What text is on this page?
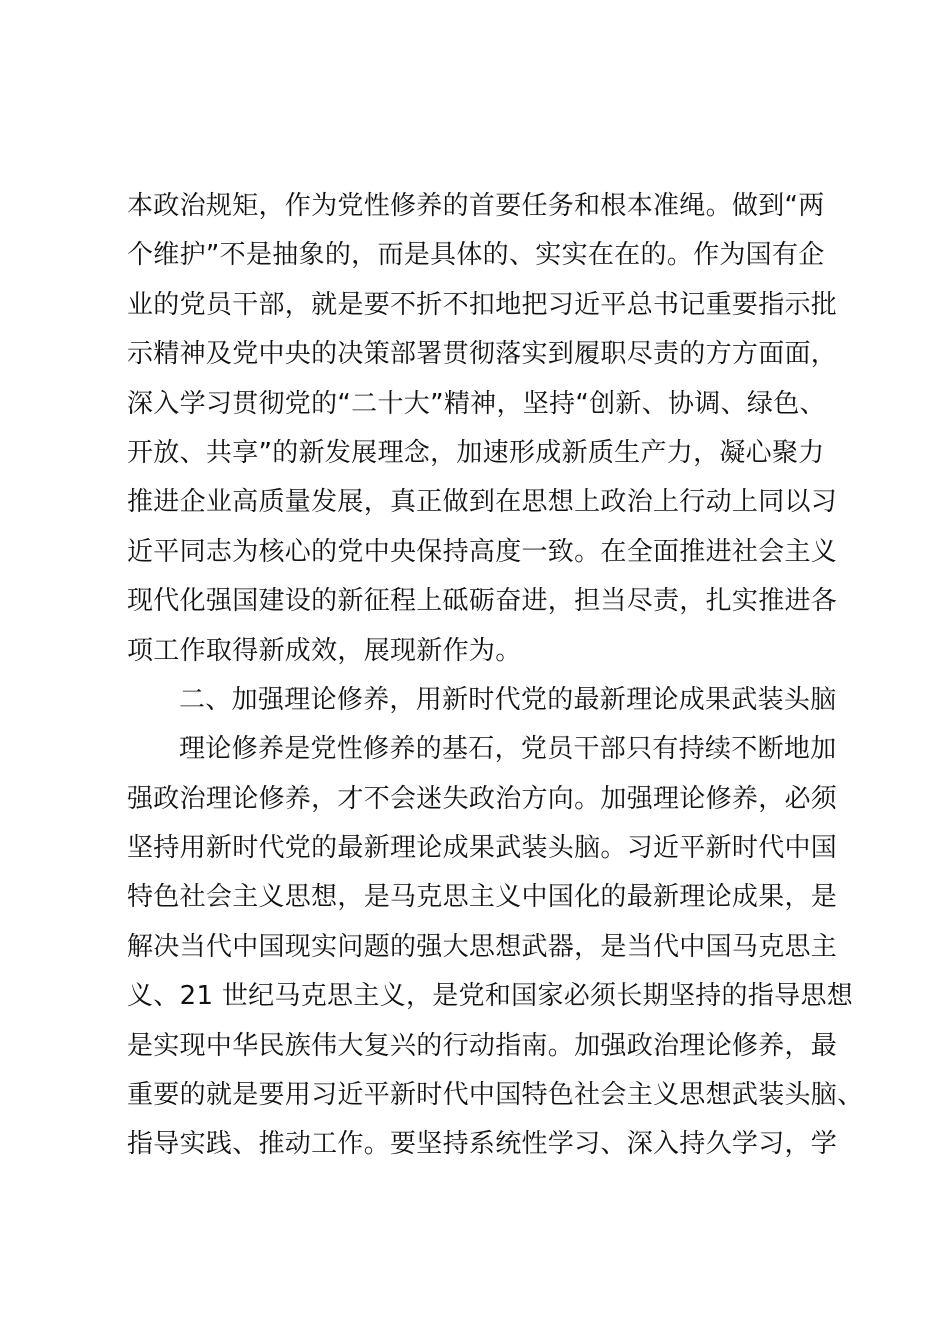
本政治规矩，作为党性修养的首要任务和根本准绳。做到“两
个维护”不是抽象的，而是具体的、实实在在的。作为国有企
业的党员干部，就是要不折不扣地把习近平总书记重要指示批
示精神及党中央的决策部署贯彻落实到履职尽责的方方面面，
深入学习贯彻党的“二十大”精神，坚持“创新、协调、绿色、
开放、共享”的新发展理念，加速形成新质生产力，凝心聚力
推进企业高质量发展，真正做到在思想上政治上行动上同以习
近平同志为核心的党中央保持高度一致。在全面推进社会主义
现代化强国建设的新征程上砥砺奋进，担当尽责，扎实推进各
项工作取得新成效，展现新作为。
二、加强理论修养，用新时代党的最新理论成果武装头脑
理论修养是党性修养的基石，党员干部只有持续不断地加
强政治理论修养，才不会迷失政治方向。加强理论修养，必须
坚持用新时代党的最新理论成果武装头脑。习近平新时代中国
特色社会主义思想，是马克思主义中国化的最新理论成果，是
解决当代中国现实问题的强大思想武器，是当代中国马克思主
义、21 世纪马克思主义，是党和国家必须长期坚持的指导思想
是实现中华民族伟大复兴的行动指南。加强政治理论修养，最
重要的就是要用习近平新时代中国特色社会主义思想武装头脑、
指导实践、推动工作。要坚持系统性学习、深入持久学习，学
